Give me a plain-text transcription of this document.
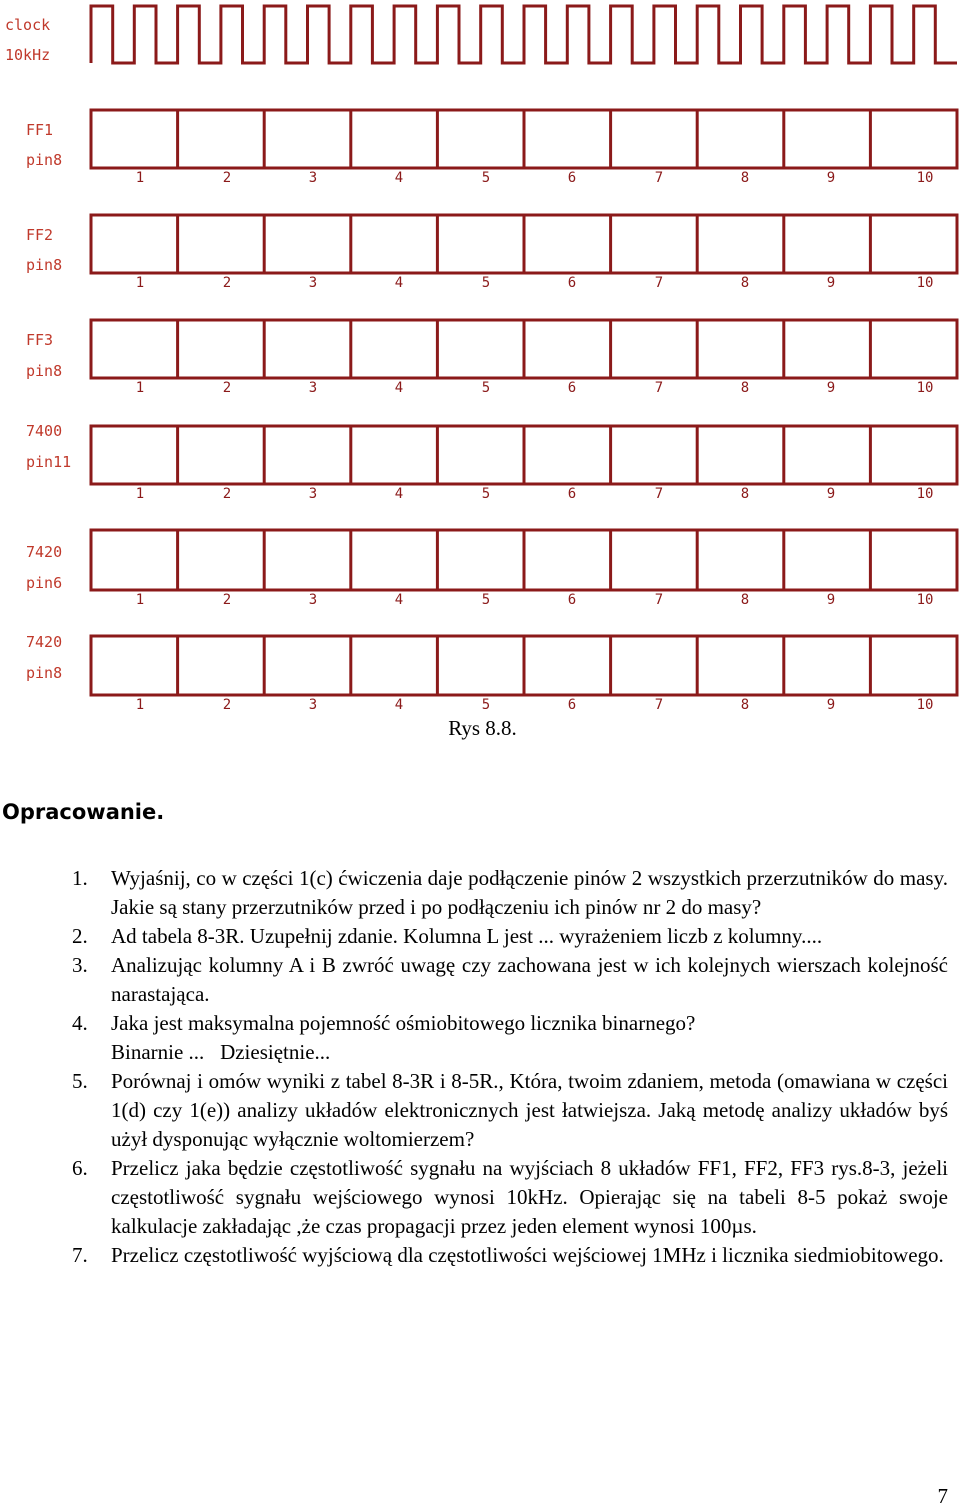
clock
10kHz
FF1
pin8
1	2	3	4	5	6	7	8	9	10
FF2
pin8
1	2	3	4	5	6	7	8	9	10
FF3
pin8
1	2	3	4	5	6	7	8	9	10
7400
pin11
1	2	3	4	5	6	7	8	9	10
7420
pin6
1	2	3	4	5	6	7	8	9	10
7420
pin8
1	2	3	4	5	6	7	8	9	10
Rys 8.8.
Opracowanie.
1. Wyjaśnij, co w części 1(c) ćwiczenia daje podłączenie pinów 2 wszystkich przerzutników do masy. Jakie są stany przerzutników przed i po podłączeniu ich pinów nr 2 do masy?
2. Ad tabela 8-3R. Uzupełnij zdanie. Kolumna L jest ... wyrażeniem liczb z kolumny....
3. Analizując kolumny A i B zwróć uwagę czy zachowana jest w ich kolejnych wierszach kolejność narastająca.
4. Jaka jest maksymalna pojemność ośmiobitowego licznika binarnego?
Binarnie ... Dziesiętnie...
5. Porównaj i omów wyniki z tabel 8-3R i 8-5R., Która, twoim zdaniem, metoda (omawiana w części 1(d) czy 1(e)) analizy układów elektronicznych jest łatwiejsza. Jaką metodę analizy układów byś użył dysponując wyłącznie woltomierzem?
6. Przelicz jaka będzie częstotliwość sygnału na wyjściach 8 układów FF1, FF2, FF3 rys.8-3, jeżeli częstotliwość sygnału wejściowego wynosi 10kHz. Opierając się na tabeli 8-5 pokaż swoje kalkulacje zakładając ,że czas propagacji przez jeden element wynosi 100µs.
7. Przelicz częstotliwość wyjściową dla częstotliwości wejściowej 1MHz i licznika siedmiobitowego.
7
